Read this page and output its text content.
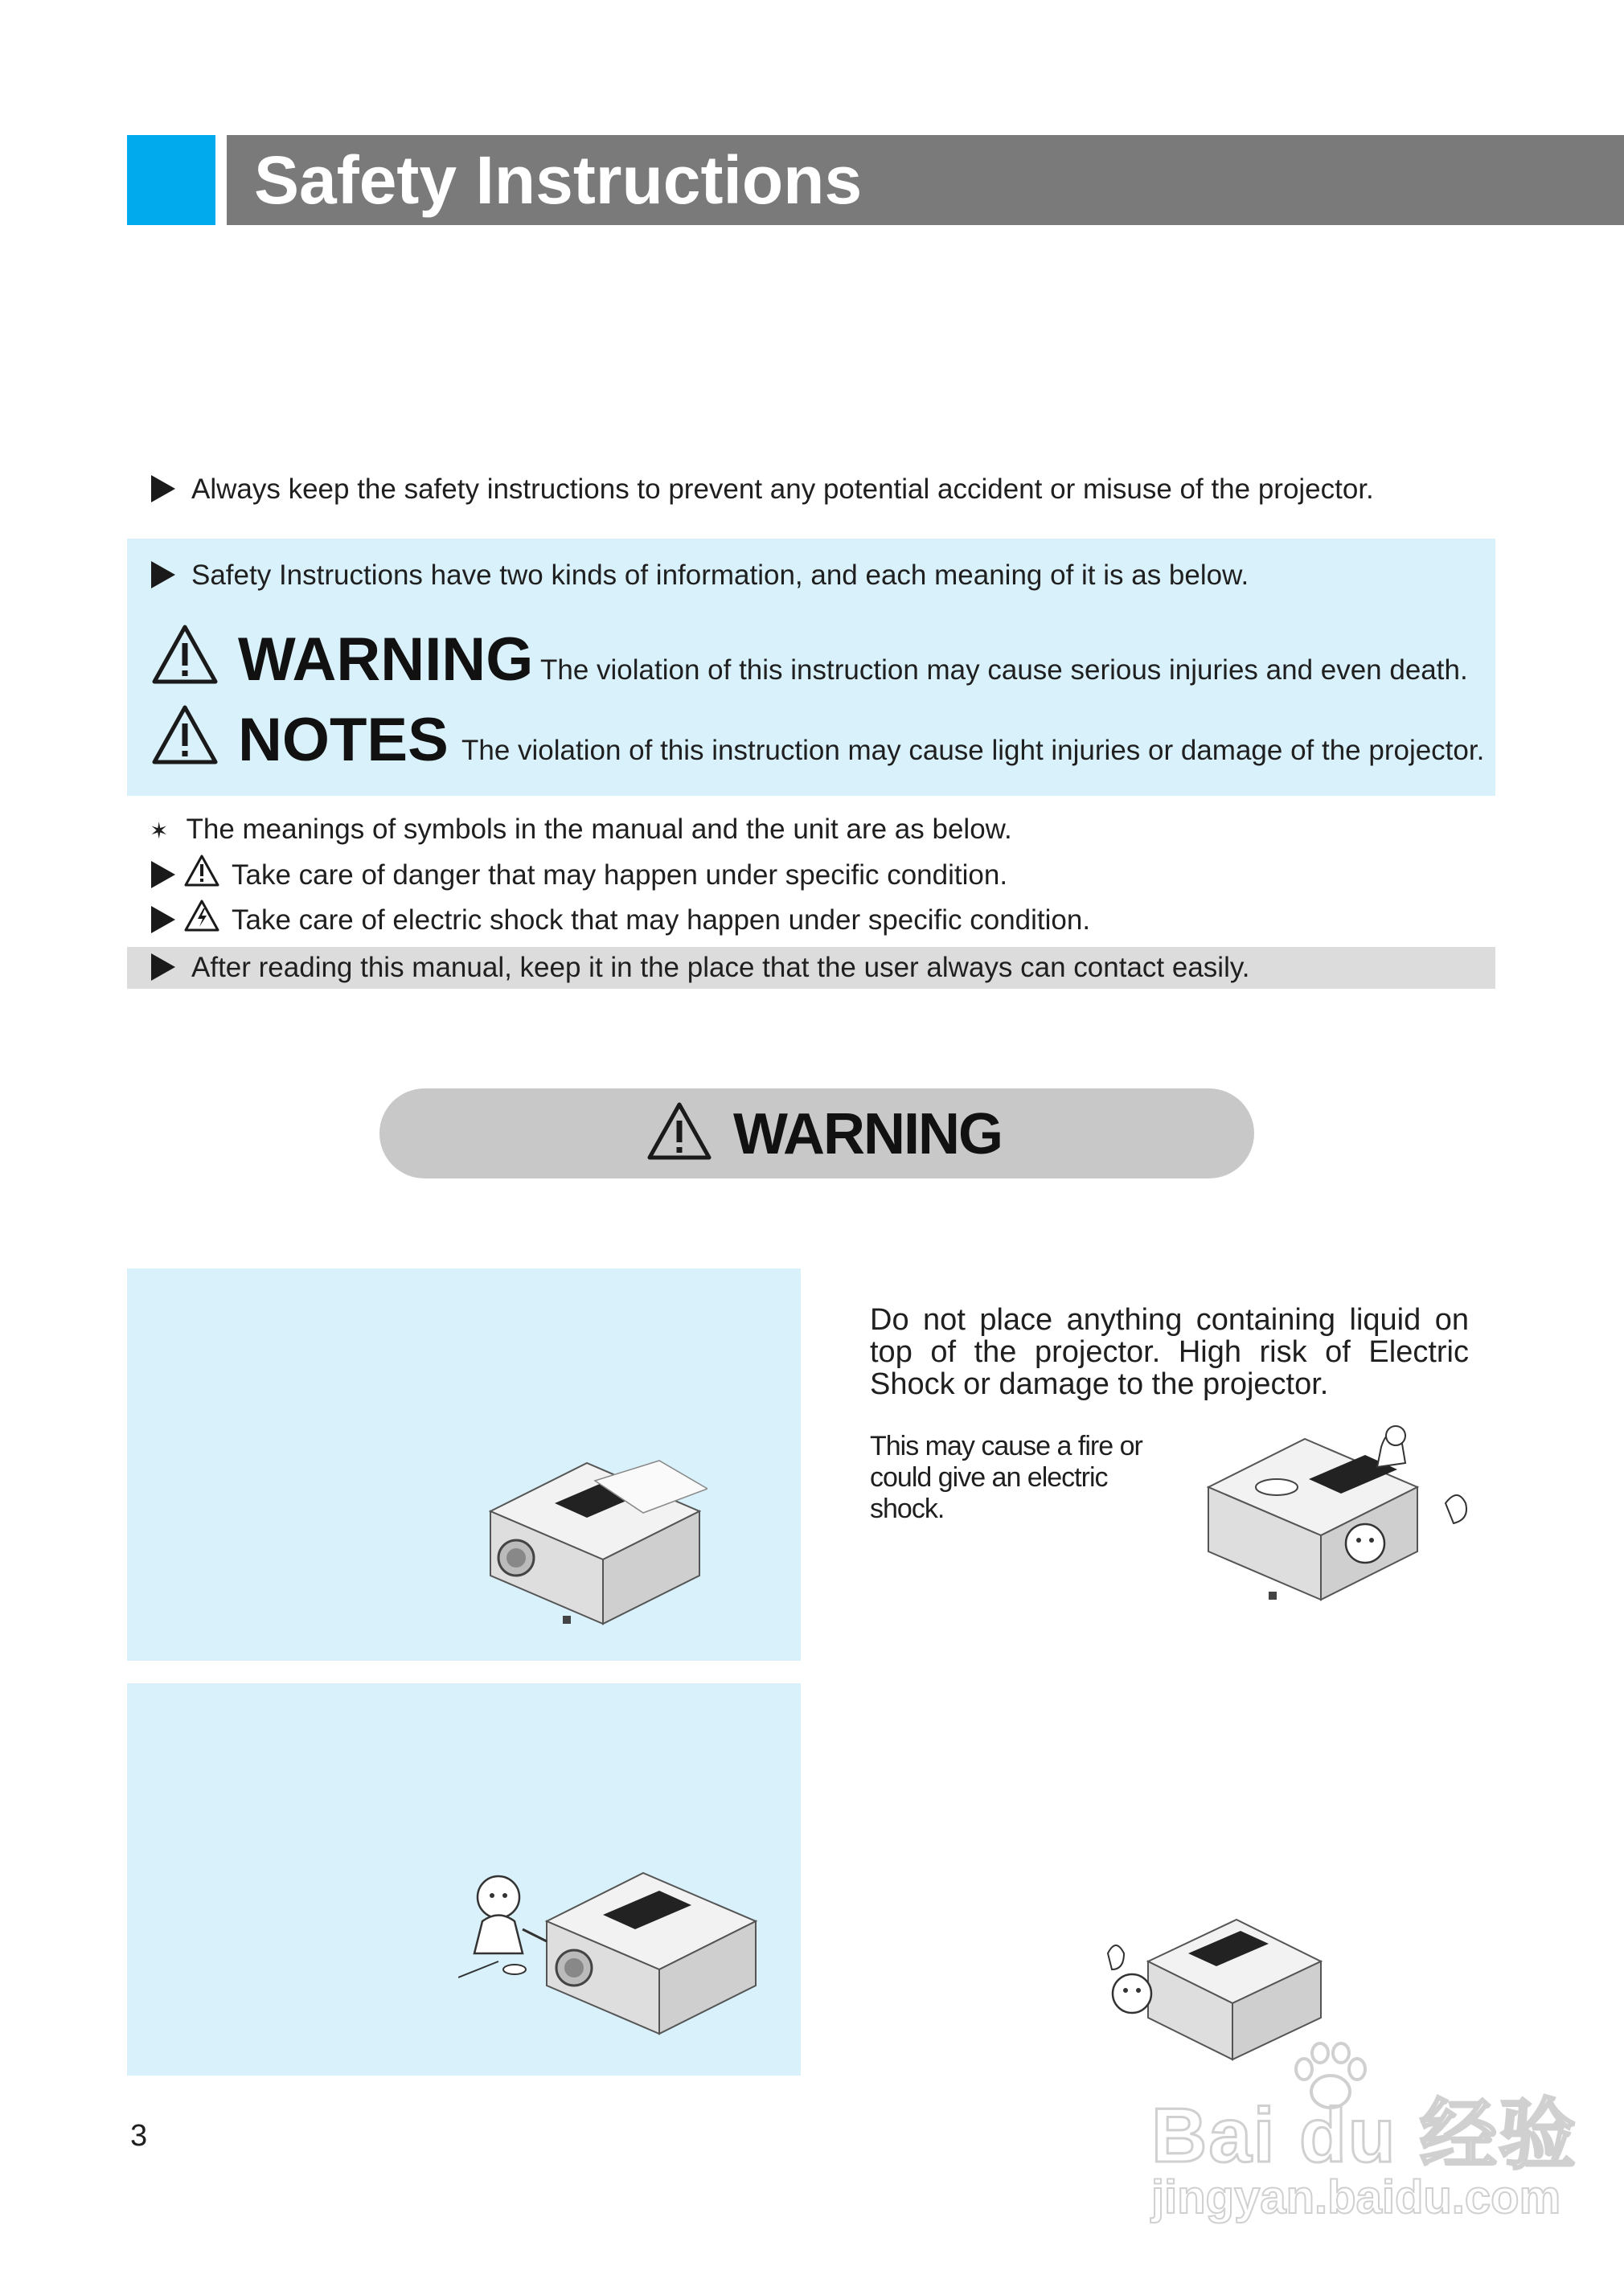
Safety Instructions
Always keep the safety instructions to prevent any potential accident or misuse of the projector.
Safety Instructions have two kinds of information, and each meaning of it is as below.
WARNING The violation of this instruction may cause serious injuries and even death.
NOTES The violation of this instruction may cause light injuries or damage of the projector.
✶ The meanings of symbols in the manual and the unit are as below.
Take care of danger that may happen under specific condition.
Take care of electric shock that may happen under specific condition.
After reading this manual, keep it in the place that the user always can contact easily.
WARNING
Do not place anything containing liquid on top of the projector. High risk of Electric Shock or damage to the projector.
This may cause a fire or could give an electric shock.
3	Bai du 经验
jingyan.baidu.com
